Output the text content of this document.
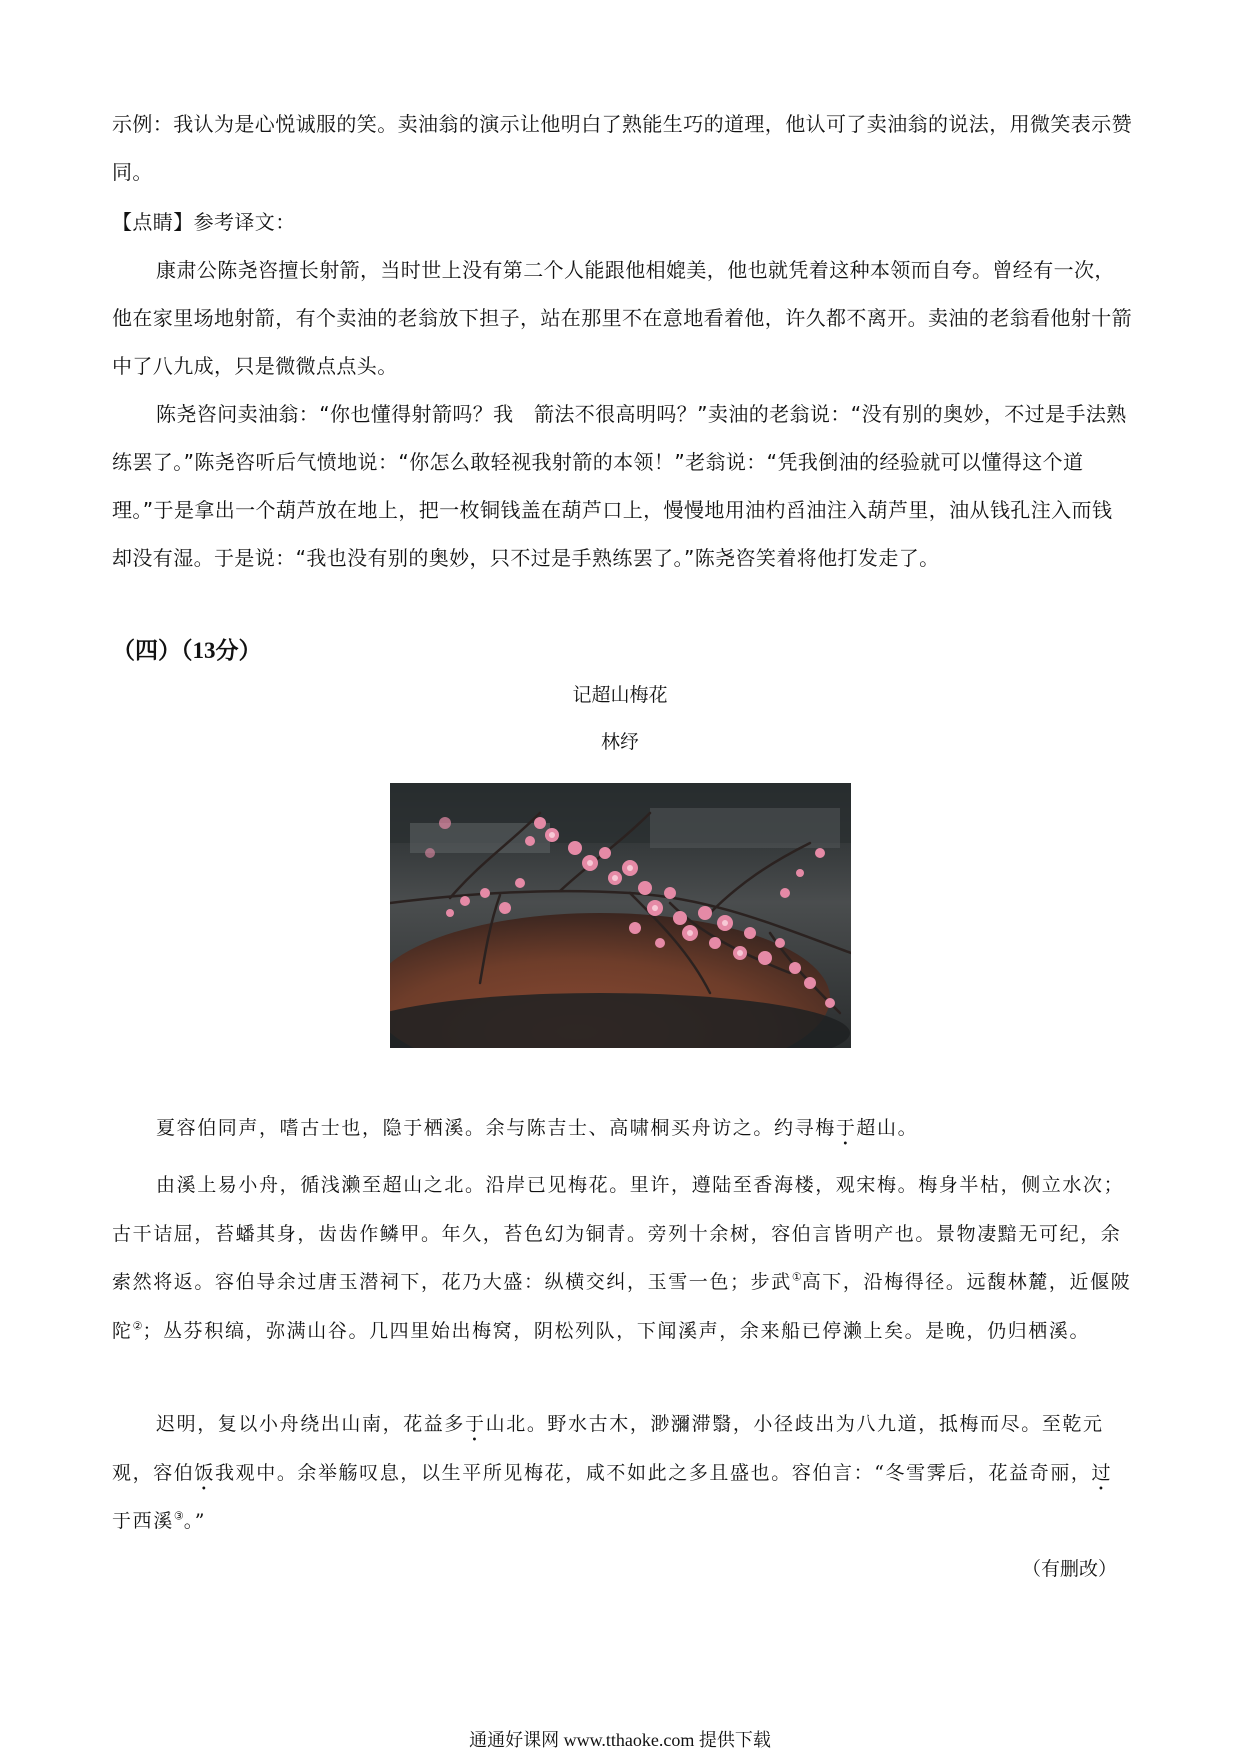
示例：我认为是心悦诚服的笑。卖油翁的演示让他明白了熟能生巧的道理，他认可了卖油翁的说法，用微笑表示赞同。

【点睛】参考译文：

康肃公陈尧咨擅长射箭，当时世上没有第二个人能跟他相媲美，他也就凭着这种本领而自夸。曾经有一次，他在家里场地射箭，有个卖油的老翁放下担子，站在那里不在意地看着他，许久都不离开。卖油的老翁看他射十箭中了八九成，只是微微点点头。

陈尧咨问卖油翁：“你也懂得射箭吗？我　箭法不很高明吗？”卖油的老翁说：“没有别的奥妙，不过是手法熟练罢了。”陈尧咨听后气愤地说：“你怎么敢轻视我射箭的本领！”老翁说：“凭我倒油的经验就可以懂得这个道理。”于是拿出一个葫芦放在地上，把一枚铜钱盖在葫芦口上，慢慢地用油杓舀油注入葫芦里，油从钱孔注入而钱却没有湿。于是说：“我也没有别的奥妙，只不过是手熟练罢了。”陈尧咨笑着将他打发走了。

（四）（13分）

记超山梅花

林纾

夏容伯同声，嗜古士也，隐于栖溪。余与陈吉士、高啸桐买舟访之。约寻梅于超山。

由溪上易小舟，循浅濑至超山之北。沿岸已见梅花。里许，遵陆至香海楼，观宋梅。梅身半枯，侧立水次；古干诘屈，苔蟠其身，齿齿作鳞甲。年久，苔色幻为铜青。旁列十余树，容伯言皆明产也。景物凄黯无可纪，余索然将返。容伯导余过唐玉潜祠下，花乃大盛：纵横交纠，玉雪一色；步武①高下，沿梅得径。远馥林麓，近偃陂陀②；丛芬积缟，弥满山谷。几四里始出梅窝，阴松列队，下闻溪声，余来船已停濑上矣。是晚，仍归栖溪。

迟明，复以小舟绕出山南，花益多于山北。野水古木，渺瀰滞翳，小径歧出为八九道，抵梅而尽。至乾元观，容伯饭我观中。余举觞叹息，以生平所见梅花，咸不如此之多且盛也。容伯言：“冬雪霁后，花益奇丽，过于西溪③。”

（有删改）

通通好课网 www.tthaoke.com 提供下载
